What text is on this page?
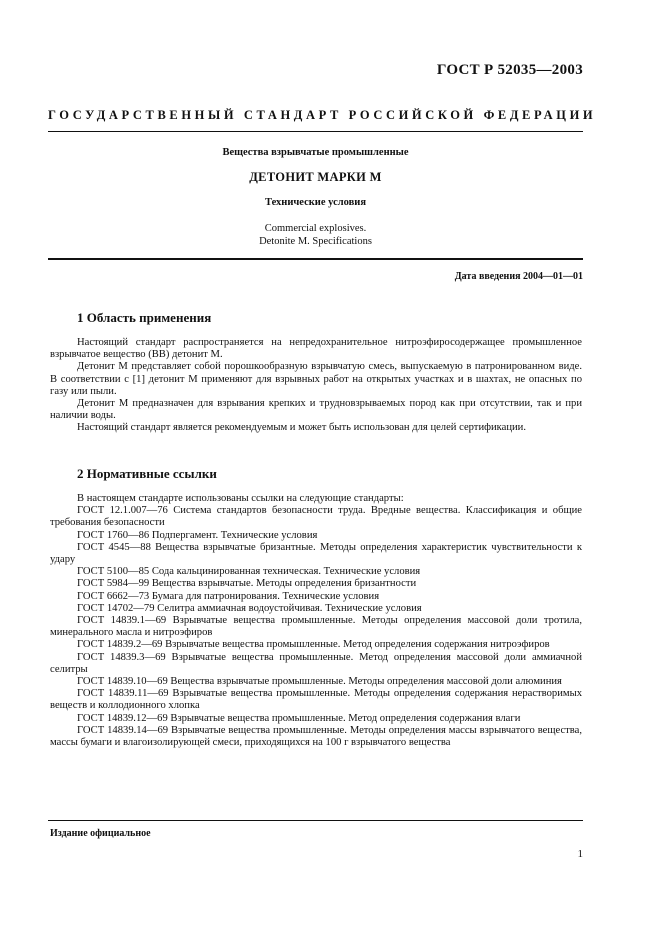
ГОСТ Р 52035—2003
ГОСУДАРСТВЕННЫЙ СТАНДАРТ РОССИЙСКОЙ ФЕДЕРАЦИИ
Вещества взрывчатые промышленные
ДЕТОНИТ МАРКИ М
Технические условия
Commercial explosives.
Detonite M. Specifications
Дата введения 2004—01—01
1 Область применения

Настоящий стандарт распространяется на непредохранительное нитроэфиросодержащее промышленное взрывчатое вещество (ВВ) детонит М.

Детонит М представляет собой порошкообразную взрывчатую смесь, выпускаемую в патронированном виде. В соответствии с [1] детонит М применяют для взрывных работ на открытых участках и в шахтах, не опасных по газу или пыли.

Детонит М предназначен для взрывания крепких и трудновзрываемых пород как при отсутствии, так и при наличии воды.

Настоящий стандарт является рекомендуемым и может быть использован для целей сертификации.

2 Нормативные ссылки

В настоящем стандарте использованы ссылки на следующие стандарты:

ГОСТ 12.1.007—76 Система стандартов безопасности труда. Вредные вещества. Классификация и общие требования безопасности

ГОСТ 1760—86 Подпергамент. Технические условия

ГОСТ 4545—88 Вещества взрывчатые бризантные. Методы определения характеристик чувствительности к удару

ГОСТ 5100—85 Сода кальцинированная техническая. Технические условия

ГОСТ 5984—99 Вещества взрывчатые. Методы определения бризантности

ГОСТ 6662—73 Бумага для патронирования. Технические условия

ГОСТ 14702—79 Селитра аммиачная водоустойчивая. Технические условия

ГОСТ 14839.1—69 Взрывчатые вещества промышленные. Методы определения массовой доли тротила, минерального масла и нитроэфиров

ГОСТ 14839.2—69 Взрывчатые вещества промышленные. Метод определения содержания нитроэфиров

ГОСТ 14839.3—69 Взрывчатые вещества промышленные. Метод определения массовой доли аммиачной селитры

ГОСТ 14839.10—69 Вещества взрывчатые промышленные. Методы определения массовой доли алюминия

ГОСТ 14839.11—69 Взрывчатые вещества промышленные. Методы определения содержания нерастворимых веществ и коллодионного хлопка

ГОСТ 14839.12—69 Взрывчатые вещества промышленные. Метод определения содержания влаги

ГОСТ 14839.14—69 Взрывчатые вещества промышленные. Методы определения массы взрывчатого вещества, массы бумаги и влагоизолирующей смеси, приходящихся на 100 г взрывчатого вещества

Издание официальное
1
